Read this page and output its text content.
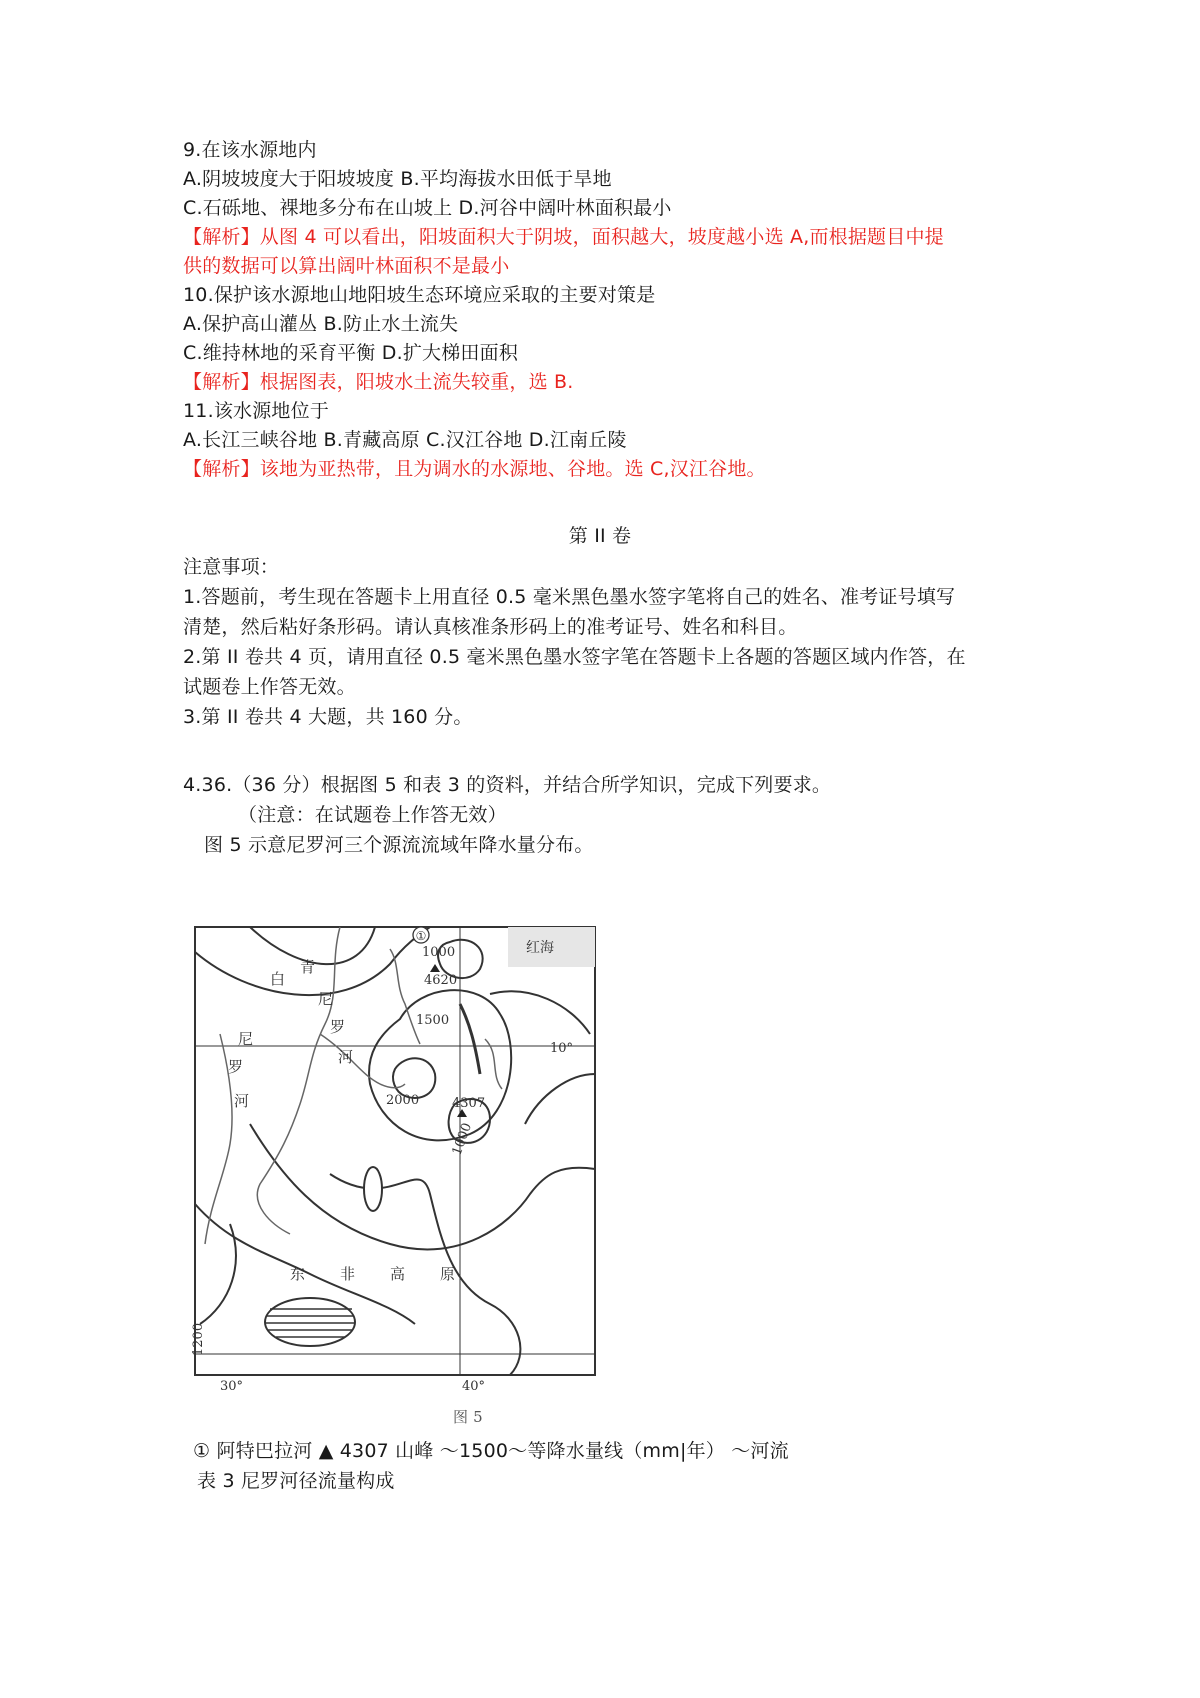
9.在该水源地内
A.阴坡坡度大于阳坡坡度 B.平均海拔水田低于旱地
C.石砾地、裸地多分布在山坡上 D.河谷中阔叶林面积最小
【解析】从图 4 可以看出，阳坡面积大于阴坡，面积越大，坡度越小选 A,而根据题目中提
供的数据可以算出阔叶林面积不是最小
10.保护该水源地山地阳坡生态环境应采取的主要对策是
A.保护高山灌丛 B.防止水土流失
C.维持林地的采育平衡 D.扩大梯田面积
【解析】根据图表，阳坡水土流失较重，选 B.
11.该水源地位于
A.长江三峡谷地 B.青藏高原 C.汉江谷地 D.江南丘陵
【解析】该地为亚热带，且为调水的水源地、谷地。选 C,汉江谷地。
第 II 卷
注意事项：
1.答题前，考生现在答题卡上用直径 0.5 毫米黑色墨水签字笔将自己的姓名、准考证号填写
清楚，然后粘好条形码。请认真核准条形码上的准考证号、姓名和科目。
2.第 II 卷共 4 页，请用直径 0.5 毫米黑色墨水签字笔在答题卡上各题的答题区域内作答，在
试题卷上作答无效。
3.第 II 卷共 4 大题，共 160 分。
4.36.（36 分）根据图 5 和表 3 的资料，并结合所学知识，完成下列要求。
（注意：在试题卷上作答无效）
图 5 示意尼罗河三个源流流域年降水量分布。
①
红海
1000
4620
1500
2000	4307
1000
1200
10°
30°	40°
白
青
尼
罗
河
尼
罗
河
东 非 高 原
图 5
① 阿特巴拉河 ▲ 4307 山峰 ～1500～等降水量线（mm|年） ～河流
表 3 尼罗河径流量构成
